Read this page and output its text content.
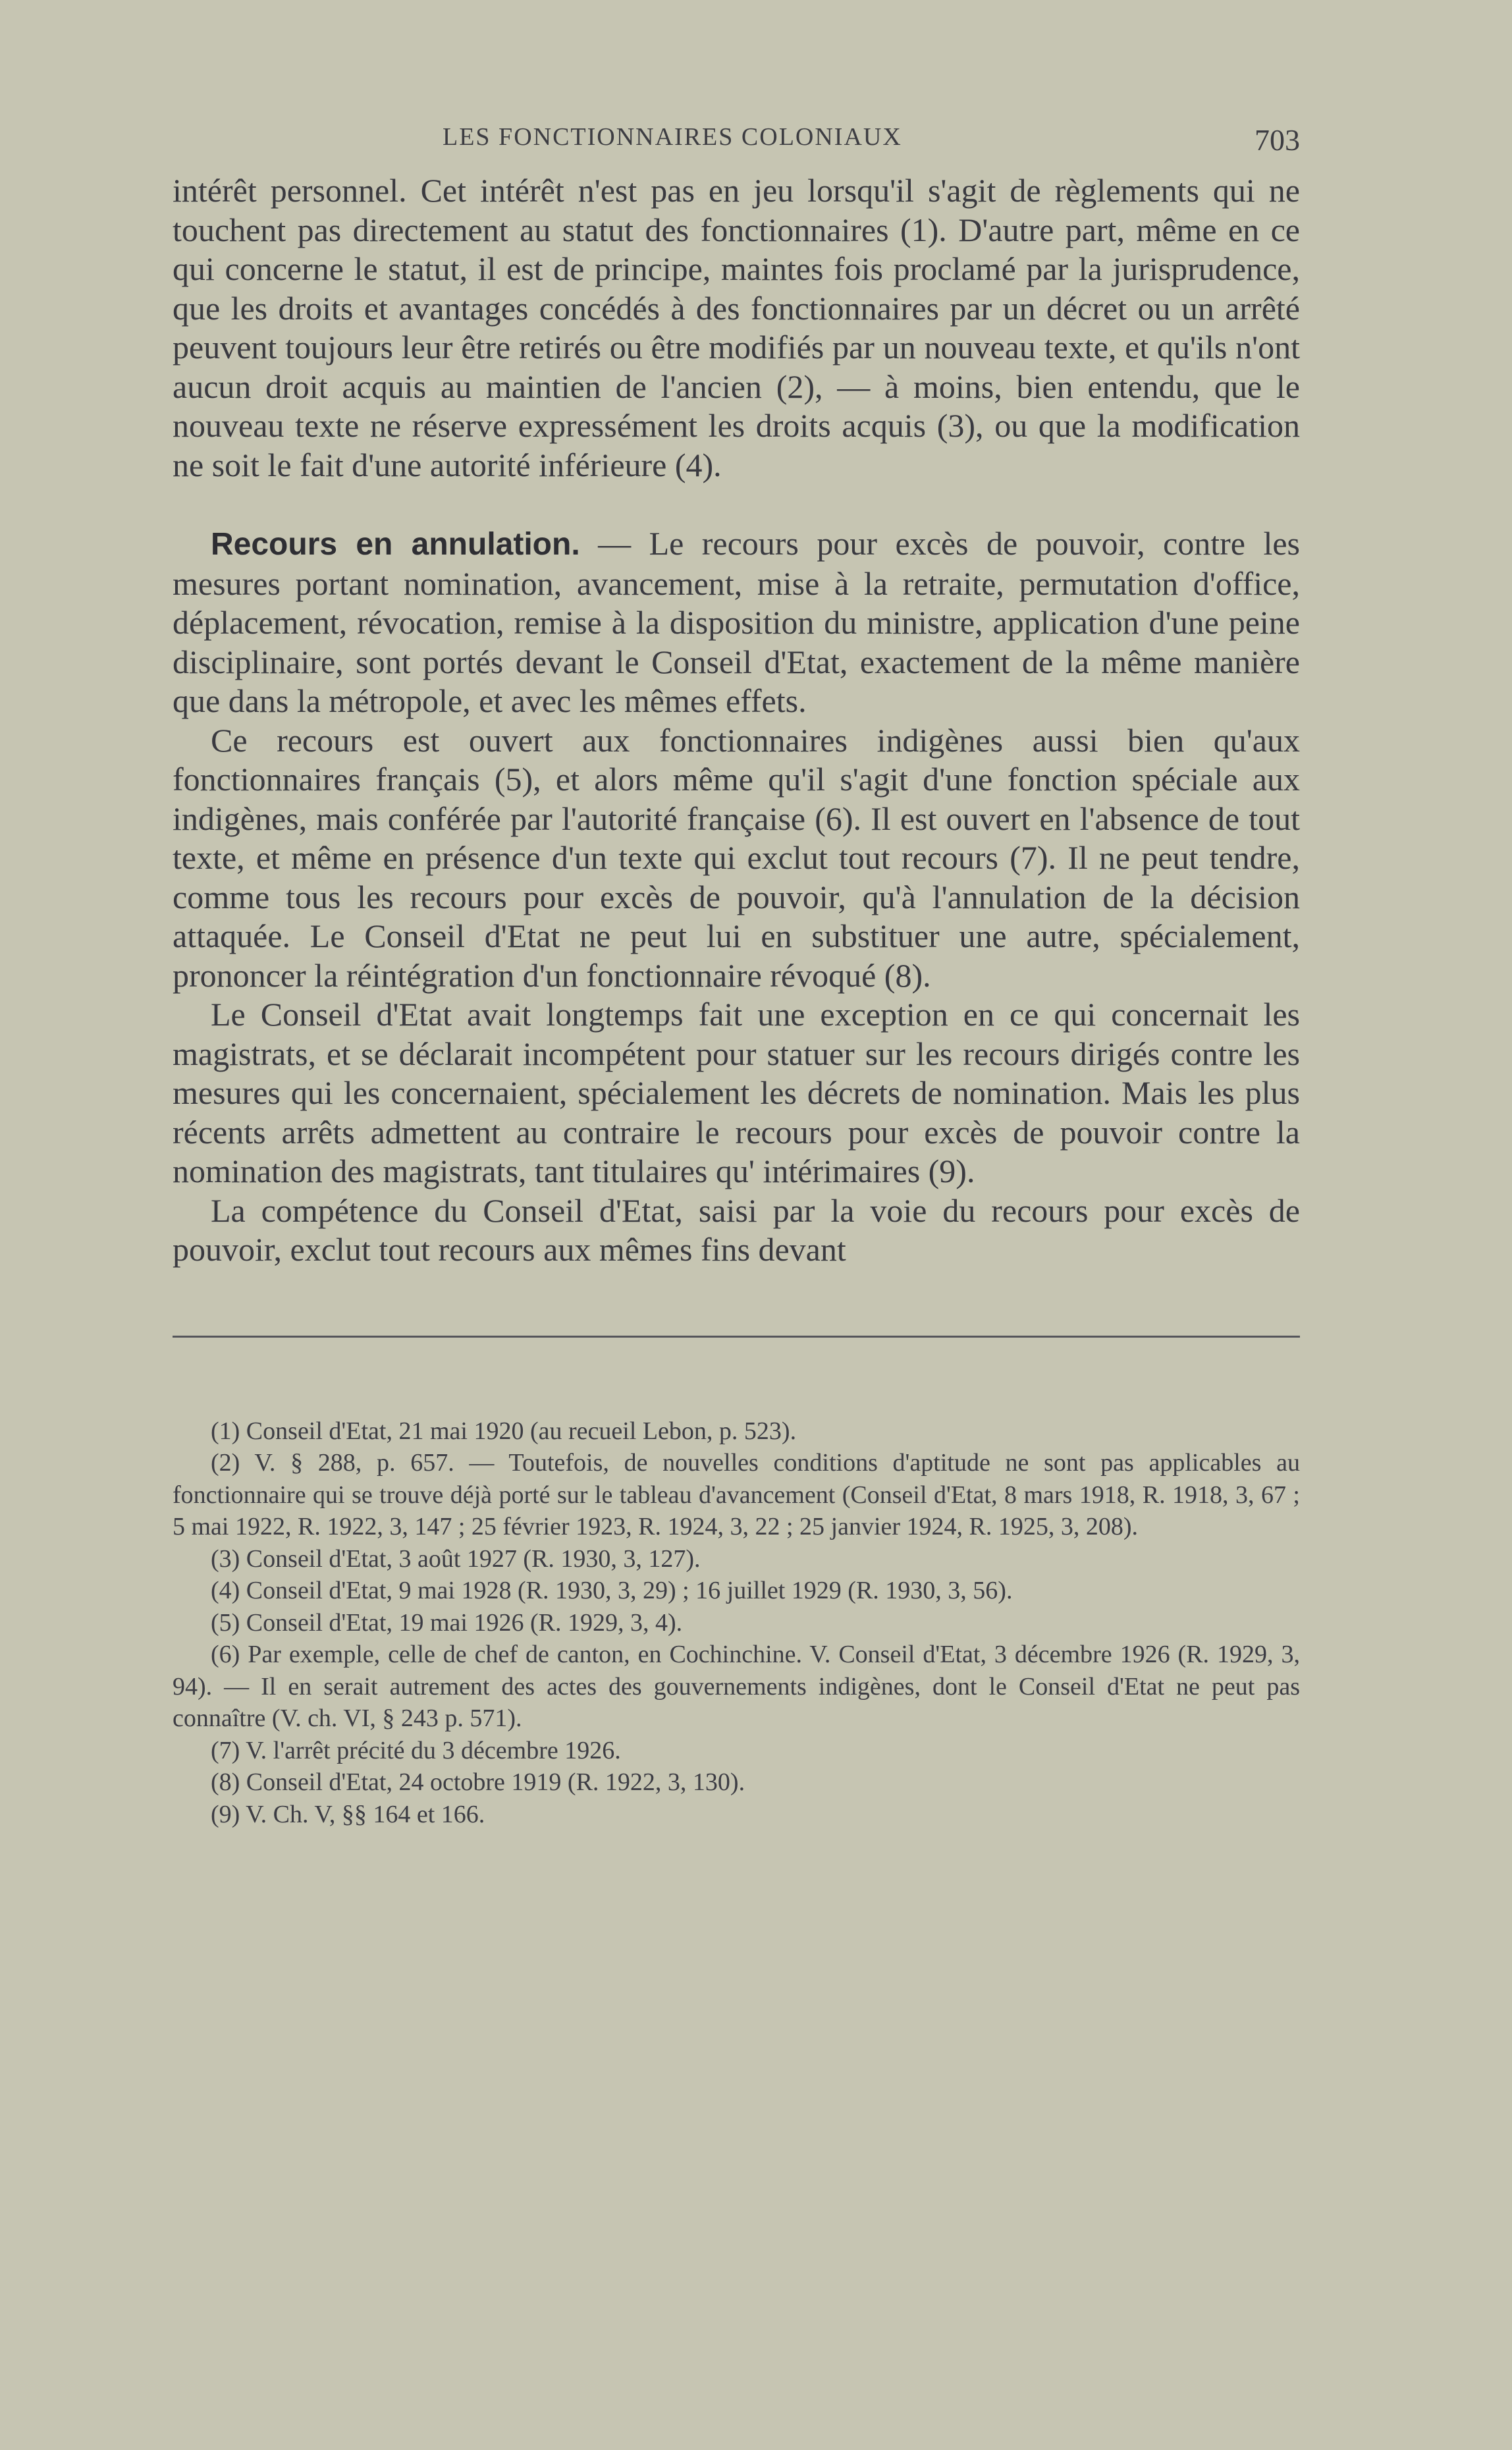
LES FONCTIONNAIRES COLONIAUX	703

intérêt personnel. Cet intérêt n'est pas en jeu lorsqu'il s'agit de règlements qui ne touchent pas directement au statut des fonctionnaires (1). D'autre part, même en ce qui concerne le statut, il est de principe, maintes fois proclamé par la jurisprudence, que les droits et avantages concédés à des fonctionnaires par un décret ou un arrêté peuvent toujours leur être retirés ou être modifiés par un nouveau texte, et qu'ils n'ont aucun droit acquis au maintien de l'ancien (2), — à moins, bien entendu, que le nouveau texte ne réserve expressément les droits acquis (3), ou que la modification ne soit le fait d'une autorité inférieure (4).

Recours en annulation. — Le recours pour excès de pouvoir, contre les mesures portant nomination, avancement, mise à la retraite, permutation d'office, déplacement, révocation, remise à la disposition du ministre, application d'une peine disciplinaire, sont portés devant le Conseil d'Etat, exactement de la même manière que dans la métropole, et avec les mêmes effets.

Ce recours est ouvert aux fonctionnaires indigènes aussi bien qu'aux fonctionnaires français (5), et alors même qu'il s'agit d'une fonction spéciale aux indigènes, mais conférée par l'autorité française (6). Il est ouvert en l'absence de tout texte, et même en présence d'un texte qui exclut tout recours (7). Il ne peut tendre, comme tous les recours pour excès de pouvoir, qu'à l'annulation de la décision attaquée. Le Conseil d'Etat ne peut lui en substituer une autre, spécialement, prononcer la réintégration d'un fonctionnaire révoqué (8).

Le Conseil d'Etat avait longtemps fait une exception en ce qui concernait les magistrats, et se déclarait incompétent pour statuer sur les recours dirigés contre les mesures qui les concernaient, spécialement les décrets de nomination. Mais les plus récents arrêts admettent au contraire le recours pour excès de pouvoir contre la nomination des magistrats, tant titulaires qu' intérimaires (9).

La compétence du Conseil d'Etat, saisi par la voie du recours pour excès de pouvoir, exclut tout recours aux mêmes fins devant

(1) Conseil d'Etat, 21 mai 1920 (au recueil Lebon, p. 523).

(2) V. § 288, p. 657. — Toutefois, de nouvelles conditions d'aptitude ne sont pas applicables au fonctionnaire qui se trouve déjà porté sur le tableau d'avancement (Conseil d'Etat, 8 mars 1918, R. 1918, 3, 67 ; 5 mai 1922, R. 1922, 3, 147 ; 25 février 1923, R. 1924, 3, 22 ; 25 janvier 1924, R. 1925, 3, 208).

(3) Conseil d'Etat, 3 août 1927 (R. 1930, 3, 127).

(4) Conseil d'Etat, 9 mai 1928 (R. 1930, 3, 29) ; 16 juillet 1929 (R. 1930, 3, 56).

(5) Conseil d'Etat, 19 mai 1926 (R. 1929, 3, 4).

(6) Par exemple, celle de chef de canton, en Cochinchine. V. Conseil d'Etat, 3 décembre 1926 (R. 1929, 3, 94). — Il en serait autrement des actes des gouvernements indigènes, dont le Conseil d'Etat ne peut pas connaître (V. ch. VI, § 243 p. 571).

(7) V. l'arrêt précité du 3 décembre 1926.

(8) Conseil d'Etat, 24 octobre 1919 (R. 1922, 3, 130).

(9) V. Ch. V, §§ 164 et 166.
